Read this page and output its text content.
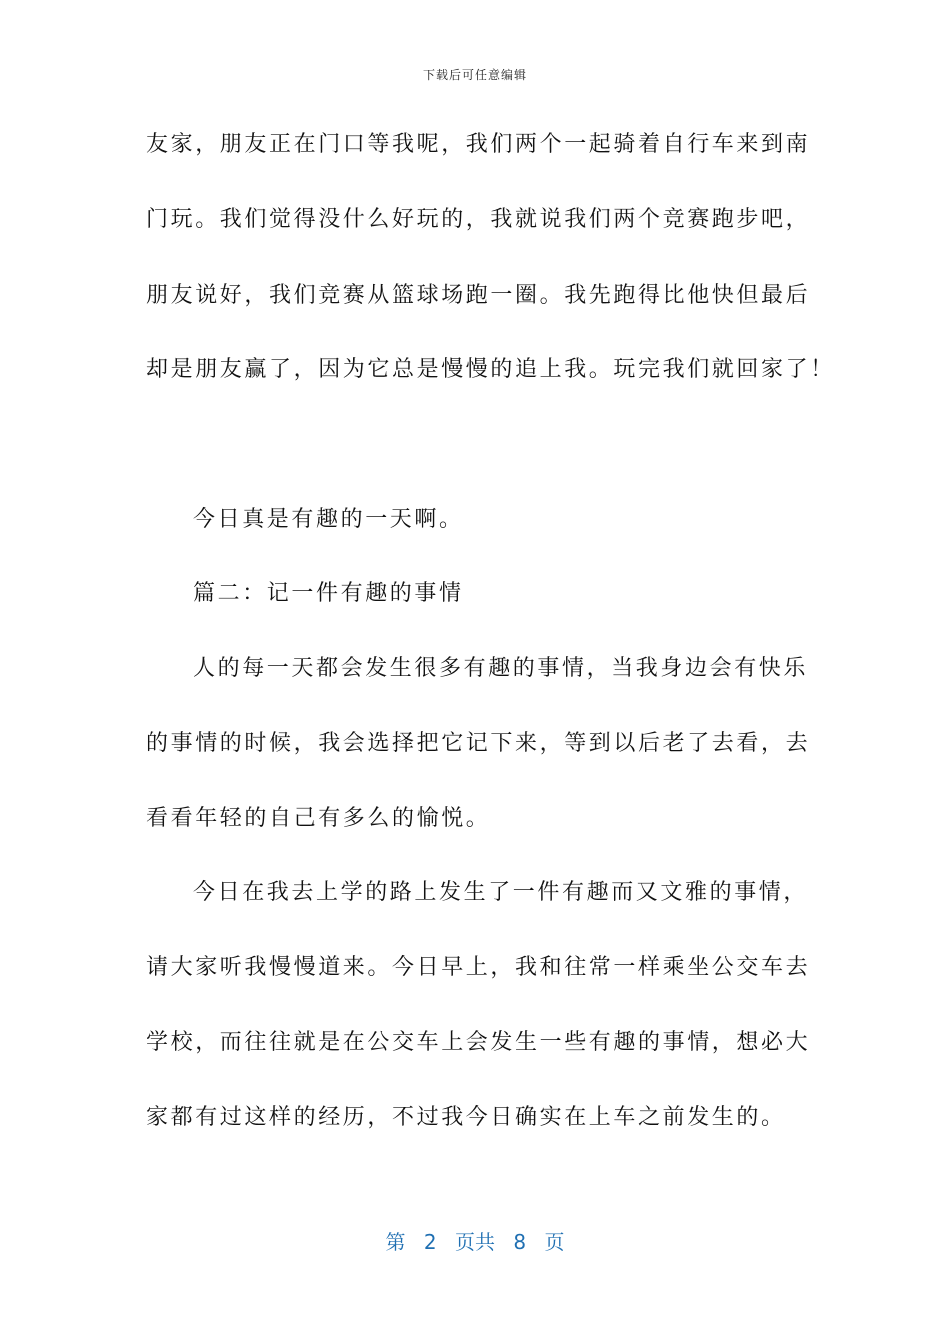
下载后可任意编辑
友家，朋友正在门口等我呢，我们两个一起骑着自行车来到南
门玩。我们觉得没什么好玩的，我就说我们两个竞赛跑步吧，
朋友说好，我们竞赛从篮球场跑一圈。我先跑得比他快但最后
却是朋友赢了，因为它总是慢慢的追上我。玩完我们就回家了！
今日真是有趣的一天啊。
篇二：记一件有趣的事情
人的每一天都会发生很多有趣的事情，当我身边会有快乐
的事情的时候，我会选择把它记下来，等到以后老了去看，去
看看年轻的自己有多么的愉悦。
今日在我去上学的路上发生了一件有趣而又文雅的事情，
请大家听我慢慢道来。今日早上，我和往常一样乘坐公交车去
学校，而往往就是在公交车上会发生一些有趣的事情，想必大
家都有过这样的经历，不过我今日确实在上车之前发生的。
第 2 页共 8 页
